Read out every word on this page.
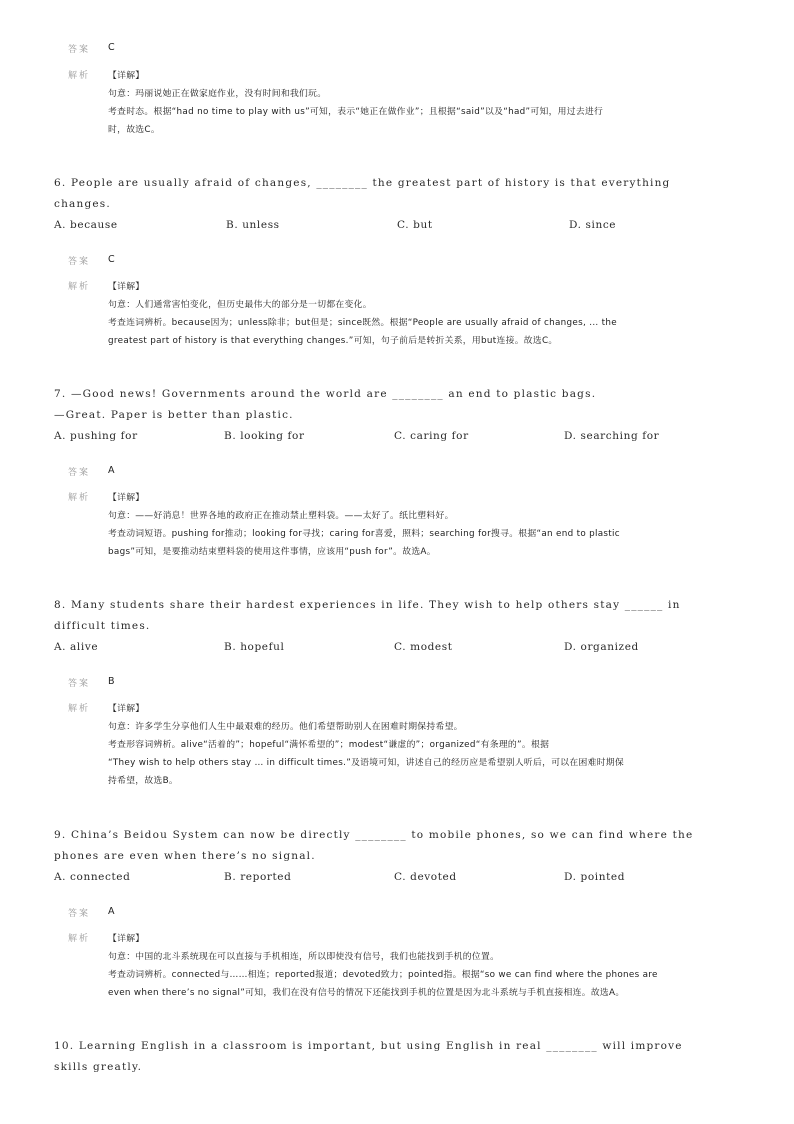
答案 C
解析 【详解】
句意：玛丽说她正在做家庭作业，没有时间和我们玩。
考查时态。根据“had no time to play with us”可知，表示“她正在做作业”；且根据“said”以及“had”可知，用过去进行
时，故选C。
6. People are usually afraid of changes, ________ the greatest part of history is that everything
changes.
A. because	B. unless	C. but	D. since
答案 C
解析 【详解】
句意：人们通常害怕变化，但历史最伟大的部分是一切都在变化。
考查连词辨析。because因为；unless除非；but但是；since既然。根据“People are usually afraid of changes, ... the
greatest part of history is that everything changes.”可知，句子前后是转折关系，用but连接。故选C。
7. —Good news! Governments around the world are ________ an end to plastic bags.
—Great. Paper is better than plastic.
A. pushing for	B. looking for	C. caring for	D. searching for
答案 A
解析 【详解】
句意：——好消息！世界各地的政府正在推动禁止塑料袋。——太好了。纸比塑料好。
考查动词短语。pushing for推动；looking for寻找；caring for喜爱，照料；searching for搜寻。根据“an end to plastic
bags”可知，是要推动结束塑料袋的使用这件事情，应该用“push for”。故选A。
8. Many students share their hardest experiences in life. They wish to help others stay ______ in
difficult times.
A. alive	B. hopeful	C. modest	D. organized
答案 B
解析 【详解】
句意：许多学生分享他们人生中最艰难的经历。他们希望帮助别人在困难时期保持希望。
考查形容词辨析。alive“活着的”；hopeful“满怀希望的”；modest“谦虚的”；organized“有条理的”。根据
“They wish to help others stay … in difficult times.”及语境可知，讲述自己的经历应是希望别人听后，可以在困难时期保
持希望，故选B。
9. China’s Beidou System can now be directly ________ to mobile phones, so we can find where the
phones are even when there’s no signal.
A. connected	B. reported	C. devoted	D. pointed
答案 A
解析 【详解】
句意：中国的北斗系统现在可以直接与手机相连，所以即使没有信号，我们也能找到手机的位置。
考查动词辨析。connected与……相连；reported报道；devoted致力；pointed指。根据“so we can find where the phones are
even when there’s no signal”可知，我们在没有信号的情况下还能找到手机的位置是因为北斗系统与手机直接相连。故选A。
10. Learning English in a classroom is important, but using English in real ________ will improve
skills greatly.
